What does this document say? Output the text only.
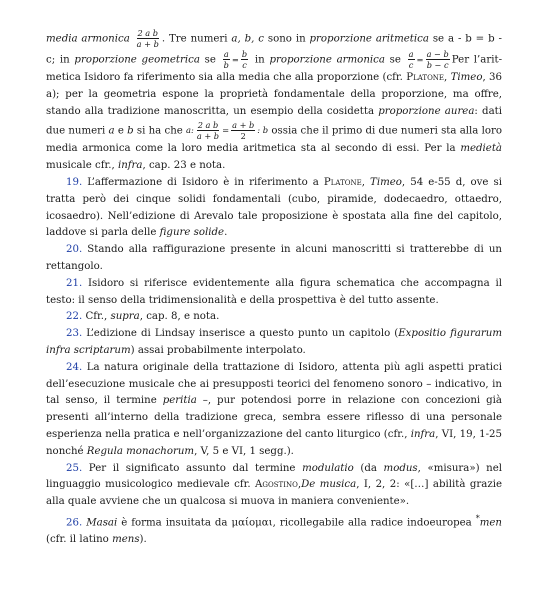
media armonica $\frac{\text{2 a b}}{a + b}$ . Tre numeri a, b, c sono in proporzione aritmetica se a - b = b - c; in proporzione geometrica se $\frac{a}{b} = \frac{b}{c}$ in proporzione armonica se $\frac{a}{c} = \frac{a - b}{b - c}$ Per l’aritmetica Isidoro fa riferimento sia alla media che alla proporzione (cfr. Platone, Timeo, 36 a); per la geometria espone la proprietà fondamentale della proporzione, ma offre, stando alla tradizione manoscritta, un esempio della cosidetta proporzione aurea: dati due numeri a e b si ha che a: $\frac{\text{2 a b}}{a + b} = \frac{a + b}{2}$ : b ossia che il primo di due numeri sta alla loro media armonica come la loro media aritmetica sta al secondo di essi. Per la medietà musicale cfr., infra, cap. 23 e nota.

19. L’affermazione di Isidoro è in riferimento a Platone, Timeo, 54 e-55 d, ove si tratta però dei cinque solidi fondamentali (cubo, piramide, dodecaedro, ottaedro, icosaedro). Nell’edizione di Arevalo tale proposizione è spostata alla fine del capitolo, laddove si parla delle figure solide.

20. Stando alla raffigurazione presente in alcuni manoscritti si tratterebbe di un rettangolo.

21. Isidoro si riferisce evidentemente alla figura schematica che accompagna il testo: il senso della tridimensionalità e della prospettiva è del tutto assente.

22. Cfr., supra, cap. 8, e nota.

23. L’edizione di Lindsay inserisce a questo punto un capitolo (Expositio figurarum infra scriptarum) assai probabilmente interpolato.

24. La natura originale della trattazione di Isidoro, attenta più agli aspetti pratici dell’esecuzione musicale che ai presupposti teorici del fenomeno sonoro – indicativo, in tal senso, il termine peritia –, pur potendosi porre in relazione con concezioni già presenti all’interno della tradizione greca, sembra essere riflesso di una personale esperienza nella pratica e nell’organizzazione del canto liturgico (cfr., infra, VI, 19, 1-25 nonché Regula monachorum, V, 5 e VI, 1 segg.).

25. Per il significato assunto dal termine modulatio (da modus, «misura») nel linguaggio musicologico medievale cfr. Agostino,De musica, I, 2, 2: «[…] abilità grazie alla quale avviene che un qualcosa si muova in maniera conveniente».

26. Masai è forma insuitata da μαίομαι, ricollegabile alla radice indoeuropea *men (cfr. il latino mens).
